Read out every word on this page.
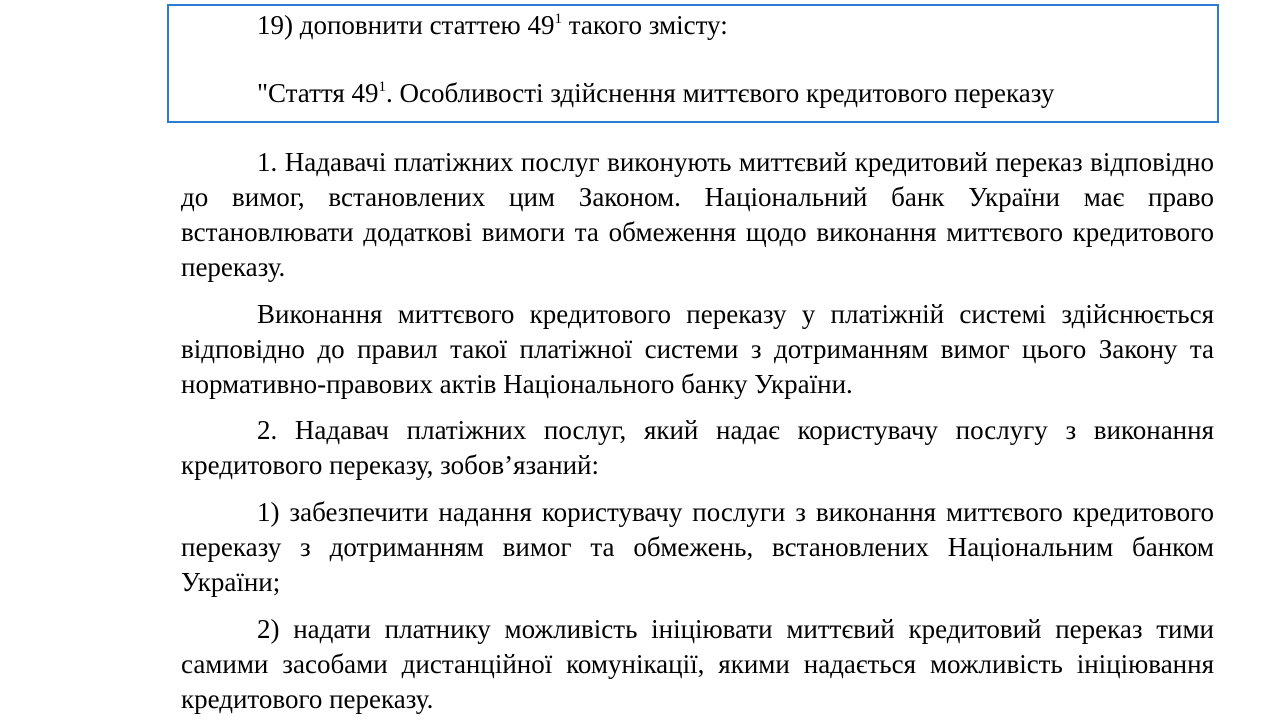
19) доповнити статтею $49^1$ такого змісту:
"Стаття $49^1$. Особливості здійснення миттєвого кредитового переказу

1. Надавачі платіжних послуг виконують миттєвий кредитовий переказ відповідно до вимог, встановлених цим Законом. Національний банк України має право встановлювати додаткові вимоги та обмеження щодо виконання миттєвого кредитового переказу.

Виконання миттєвого кредитового переказу у платіжній системі здійснюється відповідно до правил такої платіжної системи з дотриманням вимог цього Закону та нормативно-правових актів Національного банку України.

2. Надавач платіжних послуг, який надає користувачу послугу з виконання кредитового переказу, зобов’язаний:

1) забезпечити надання користувачу послуги з виконання миттєвого кредитового переказу з дотриманням вимог та обмежень, встановлених Національним банком України;

2) надати платнику можливість ініціювати миттєвий кредитовий переказ тими самими засобами дистанційної комунікації, якими надається можливість ініціювання кредитового переказу.
